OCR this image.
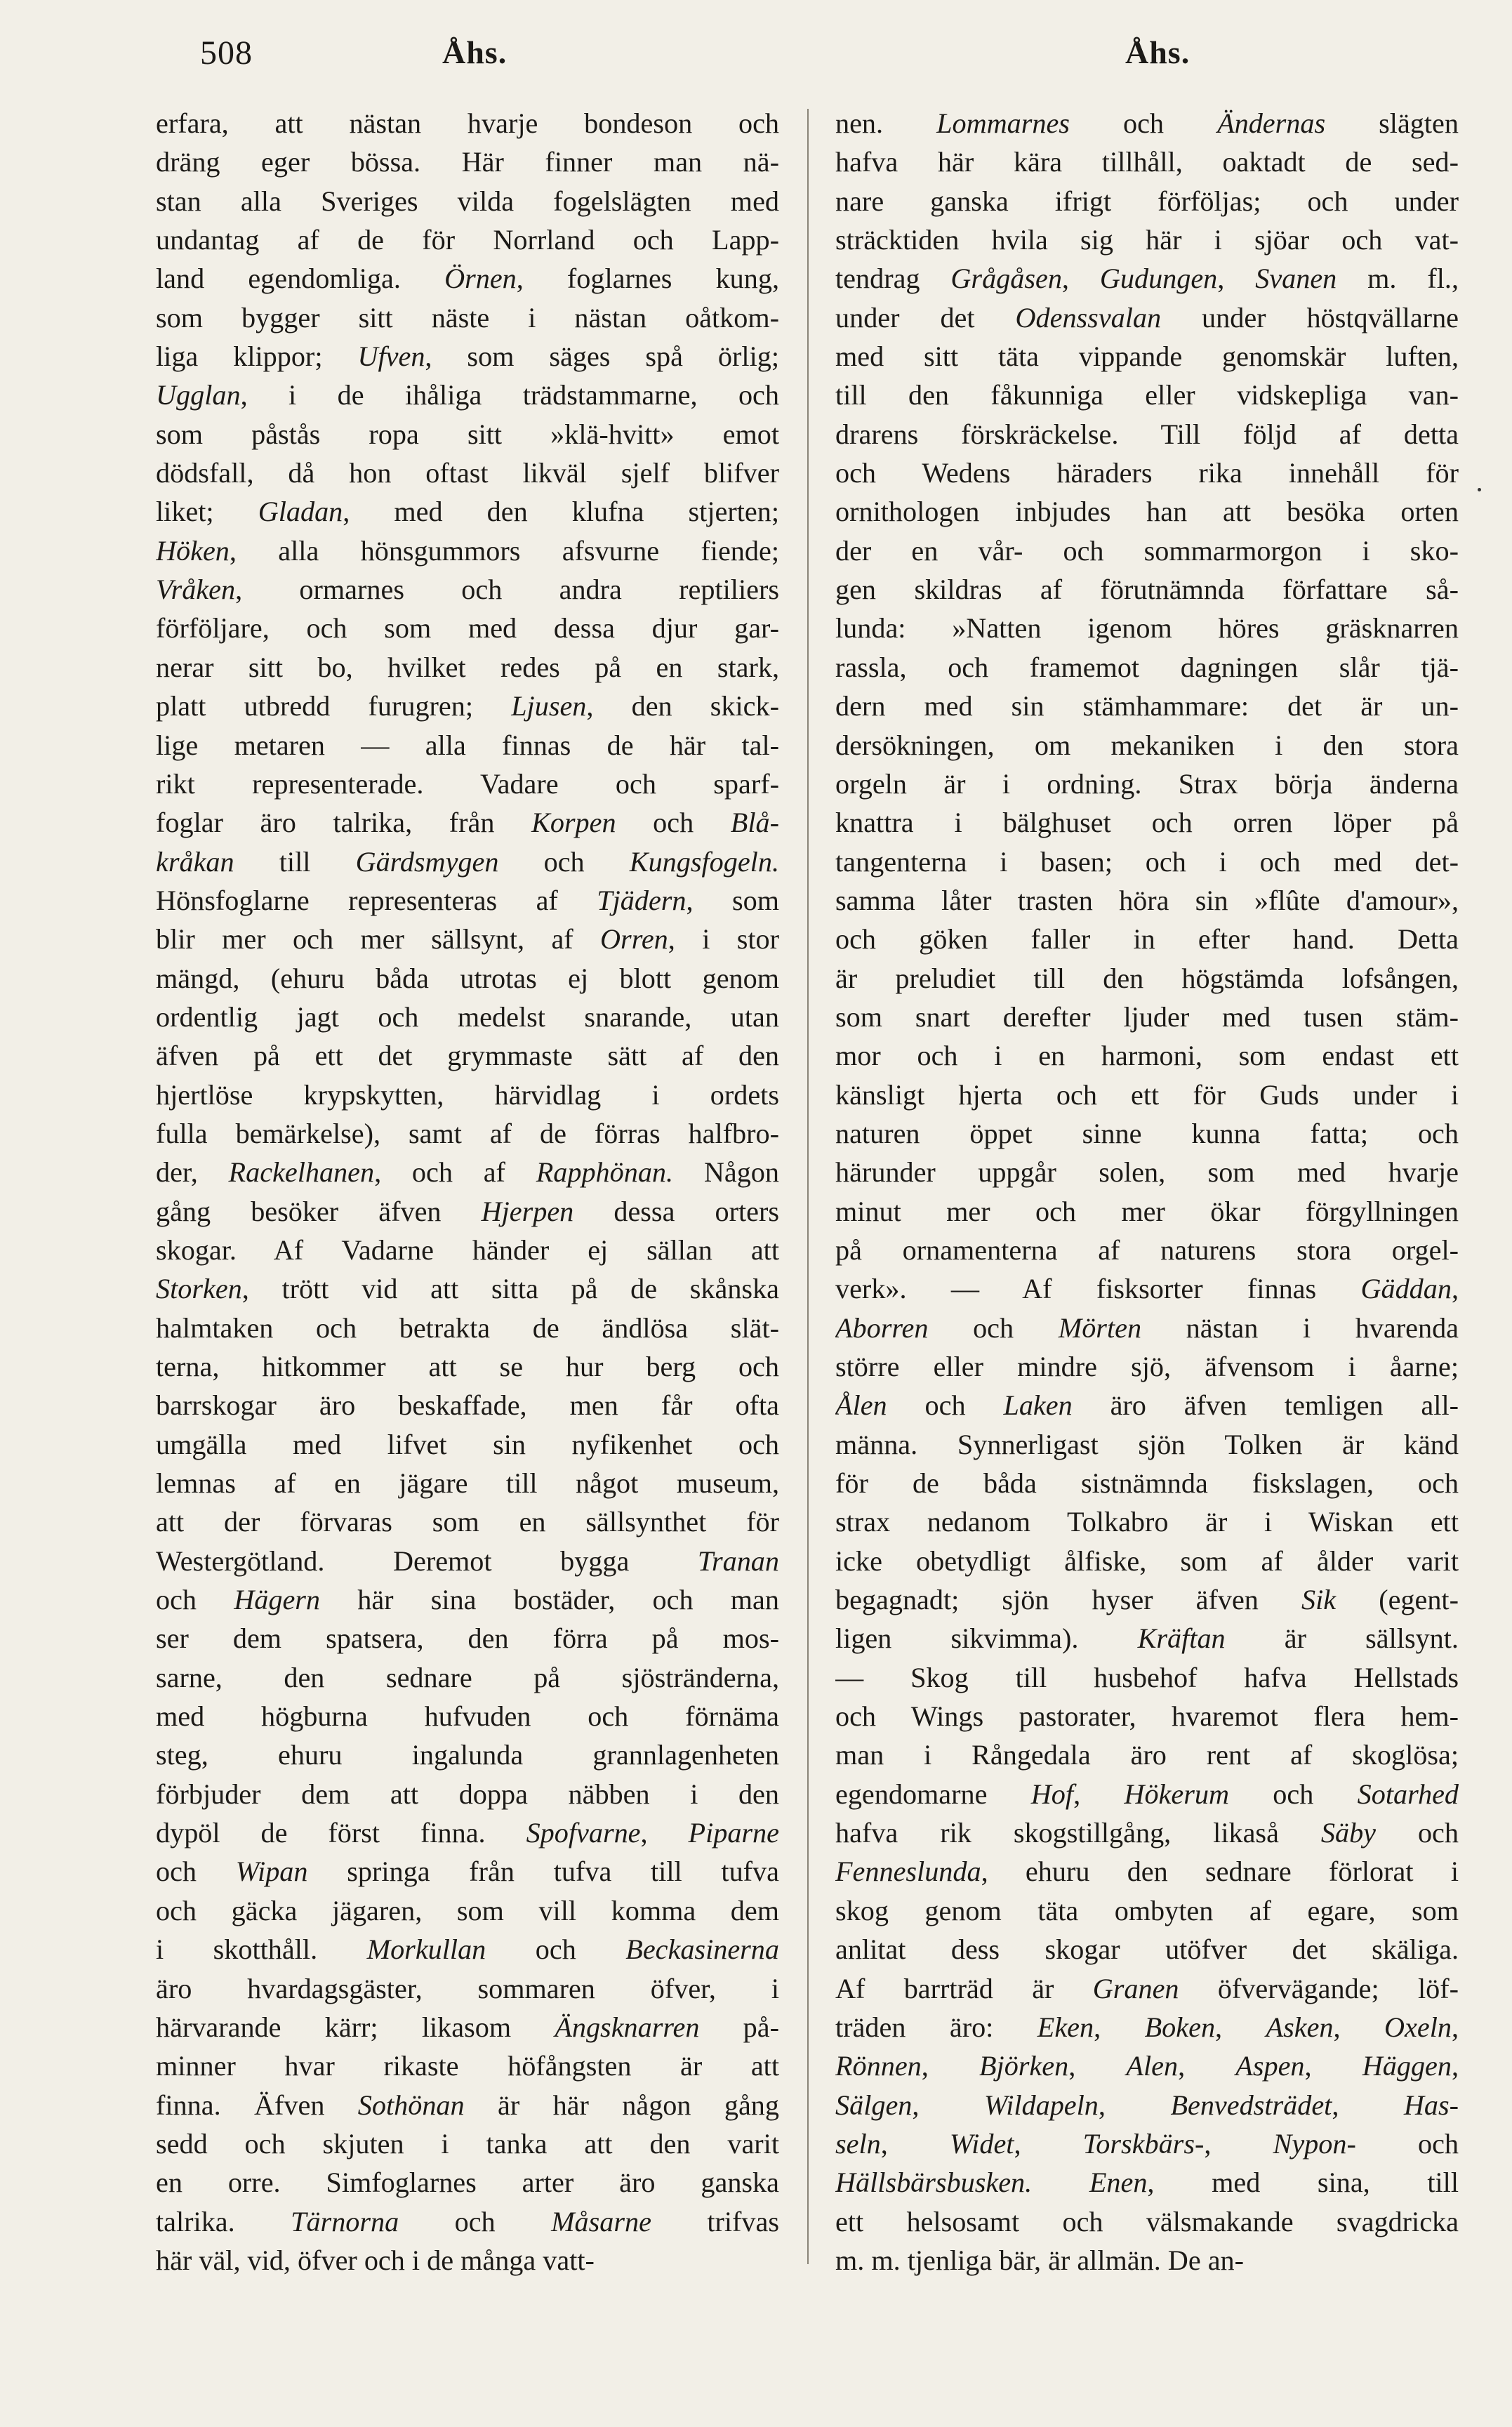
508	Åhs.	Åhs.
erfara, att nästan hvarje bondeson och
dräng eger bössa. Här finner man nä-
stan alla Sveriges vilda fogelslägten med
undantag af de för Norrland och Lapp-
land egendomliga. Örnen, foglarnes kung,
som bygger sitt näste i nästan oåtkom-
liga klippor; Ufven, som säges spå örlig;
Ugglan, i de ihåliga trädstammarne, och
som påstås ropa sitt »klä-hvitt» emot
dödsfall, då hon oftast likväl sjelf blifver
liket; Gladan, med den klufna stjerten;
Höken, alla hönsgummors afsvurne fiende;
Vråken, ormarnes och andra reptiliers
förföljare, och som med dessa djur gar-
nerar sitt bo, hvilket redes på en stark,
platt utbredd furugren; Ljusen, den skick-
lige metaren — alla finnas de här tal-
rikt representerade. Vadare och sparf-
foglar äro talrika, från Korpen och Blå-
kråkan till Gärdsmygen och Kungsfogeln.
Hönsfoglarne representeras af Tjädern, som
blir mer och mer sällsynt, af Orren, i stor
mängd, (ehuru båda utrotas ej blott genom
ordentlig jagt och medelst snarande, utan
äfven på ett det grymmaste sätt af den
hjertlöse krypskytten, härvidlag i ordets
fulla bemärkelse), samt af de förras halfbro-
der, Rackelhanen, och af Rapphönan. Någon
gång besöker äfven Hjerpen dessa orters
skogar. Af Vadarne händer ej sällan att
Storken, trött vid att sitta på de skånska
halmtaken och betrakta de ändlösa slät-
terna, hitkommer att se hur berg och
barrskogar äro beskaffade, men får ofta
umgälla med lifvet sin nyfikenhet och
lemnas af en jägare till något museum,
att der förvaras som en sällsynthet för
Westergötland. Deremot bygga Tranan
och Hägern här sina bostäder, och man
ser dem spatsera, den förra på mos-
sarne, den sednare på sjöstränderna,
med högburna hufvuden och förnäma
steg, ehuru ingalunda grannlagenheten
förbjuder dem att doppa näbben i den
dypöl de först finna. Spofvarne, Piparne
och Wipan springa från tufva till tufva
och gäcka jägaren, som vill komma dem
i skotthåll. Morkullan och Beckasinerna
äro hvardagsgäster, sommaren öfver, i
härvarande kärr; likasom Ängsknarren på-
minner hvar rikaste höfångsten är att
finna. Äfven Sothönan är här någon gång
sedd och skjuten i tanka att den varit
en orre. Simfoglarnes arter äro ganska
talrika. Tärnorna och Måsarne trifvas
här väl, vid, öfver och i de många vatt-
nen. Lommarnes och Ändernas slägten
hafva här kära tillhåll, oaktadt de sed-
nare ganska ifrigt förföljas; och under
sträcktiden hvila sig här i sjöar och vat-
tendrag Grågåsen, Gudungen, Svanen m. fl.,
under det Odenssvalan under höstqvällarne
med sitt täta vippande genomskär luften,
till den fåkunniga eller vidskepliga van-
drarens förskräckelse. Till följd af detta
och Wedens häraders rika innehåll för
ornithologen inbjudes han att besöka orten
der en vår- och sommarmorgon i sko-
gen skildras af förutnämnda författare så-
lunda: »Natten igenom höres gräsknarren
rassla, och framemot dagningen slår tjä-
dern med sin stämhammare: det är un-
dersökningen, om mekaniken i den stora
orgeln är i ordning. Strax börja änderna
knattra i bälghuset och orren löper på
tangenterna i basen; och i och med det-
samma låter trasten höra sin »flûte d'amour»,
och göken faller in efter hand. Detta
är preludiet till den högstämda lofsången,
som snart derefter ljuder med tusen stäm-
mor och i en harmoni, som endast ett
känsligt hjerta och ett för Guds under i
naturen öppet sinne kunna fatta; och
härunder uppgår solen, som med hvarje
minut mer och mer ökar förgyllningen
på ornamenterna af naturens stora orgel-
verk». — Af fisksorter finnas Gäddan,
Aborren och Mörten nästan i hvarenda
större eller mindre sjö, äfvensom i åarne;
Ålen och Laken äro äfven temligen all-
männa. Synnerligast sjön Tolken är känd
för de båda sistnämnda fiskslagen, och
strax nedanom Tolkabro är i Wiskan ett
icke obetydligt ålfiske, som af ålder varit
begagnadt; sjön hyser äfven Sik (egent-
ligen sikvimma). Kräftan är sällsynt.
— Skog till husbehof hafva Hellstads
och Wings pastorater, hvaremot flera hem-
man i Rångedala äro rent af skoglösa;
egendomarne Hof, Hökerum och Sotarhed
hafva rik skogstillgång, likaså Säby och
Fenneslunda, ehuru den sednare förlorat i
skog genom täta ombyten af egare, som
anlitat dess skogar utöfver det skäliga.
Af barrträd är Granen öfvervägande; löf-
träden äro: Eken, Boken, Asken, Oxeln,
Rönnen, Björken, Alen, Aspen, Häggen,
Sälgen, Wildapeln, Benvedsträdet, Has-
seln, Widet, Torskbärs-, Nypon- och
Hällsbärsbusken. Enen, med sina, till
ett helsosamt och välsmakande svagdricka
m. m. tjenliga bär, är allmän. De an-
